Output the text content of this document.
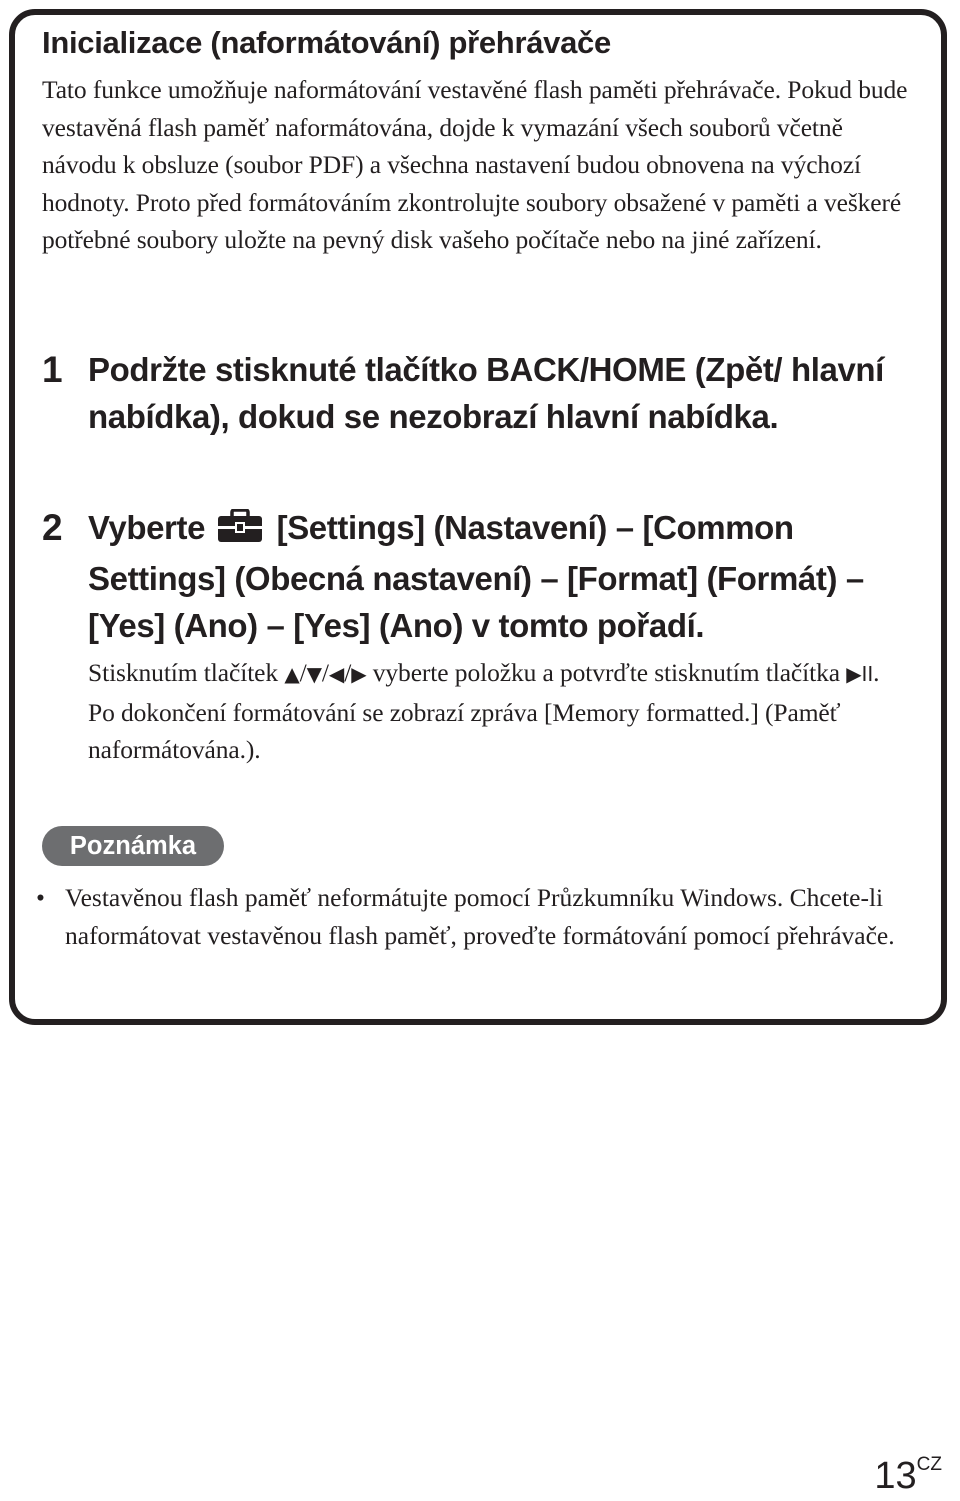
Inicializace (naformátování) přehrávače

Tato funkce umožňuje naformátování vestavěné flash paměti přehrávače. Pokud bude vestavěná flash paměť naformátována, dojde k vymazání všech souborů včetně návodu k obsluze (soubor PDF) a všechna nastavení budou obnovena na výchozí hodnoty. Proto před formátováním zkontrolujte soubory obsažené v paměti a veškeré potřebné soubory uložte na pevný disk vašeho počítače nebo na jiné zařízení.

1 Podržte stisknuté tlačítko BACK/HOME (Zpět/ hlavní nabídka), dokud se nezobrazí hlavní nabídka.
2 Vyberte [Settings] (Nastavení) – [Common Settings] (Obecná nastavení) – [Format] (Formát) – [Yes] (Ano) – [Yes] (Ano) v tomto pořadí.
Stisknutím tlačítek ▲/▼/◀/▶ vyberte položku a potvrďte stisknutím tlačítka ▶II.
Po dokončení formátování se zobrazí zpráva [Memory formatted.] (Paměť naformátována.).
Poznámka

• Vestavěnou flash paměť neformátujte pomocí Průzkumníku Windows. Chcete-li naformátovat vestavěnou flash paměť, proveďte formátování pomocí přehrávače.

$13^{CZ}$
